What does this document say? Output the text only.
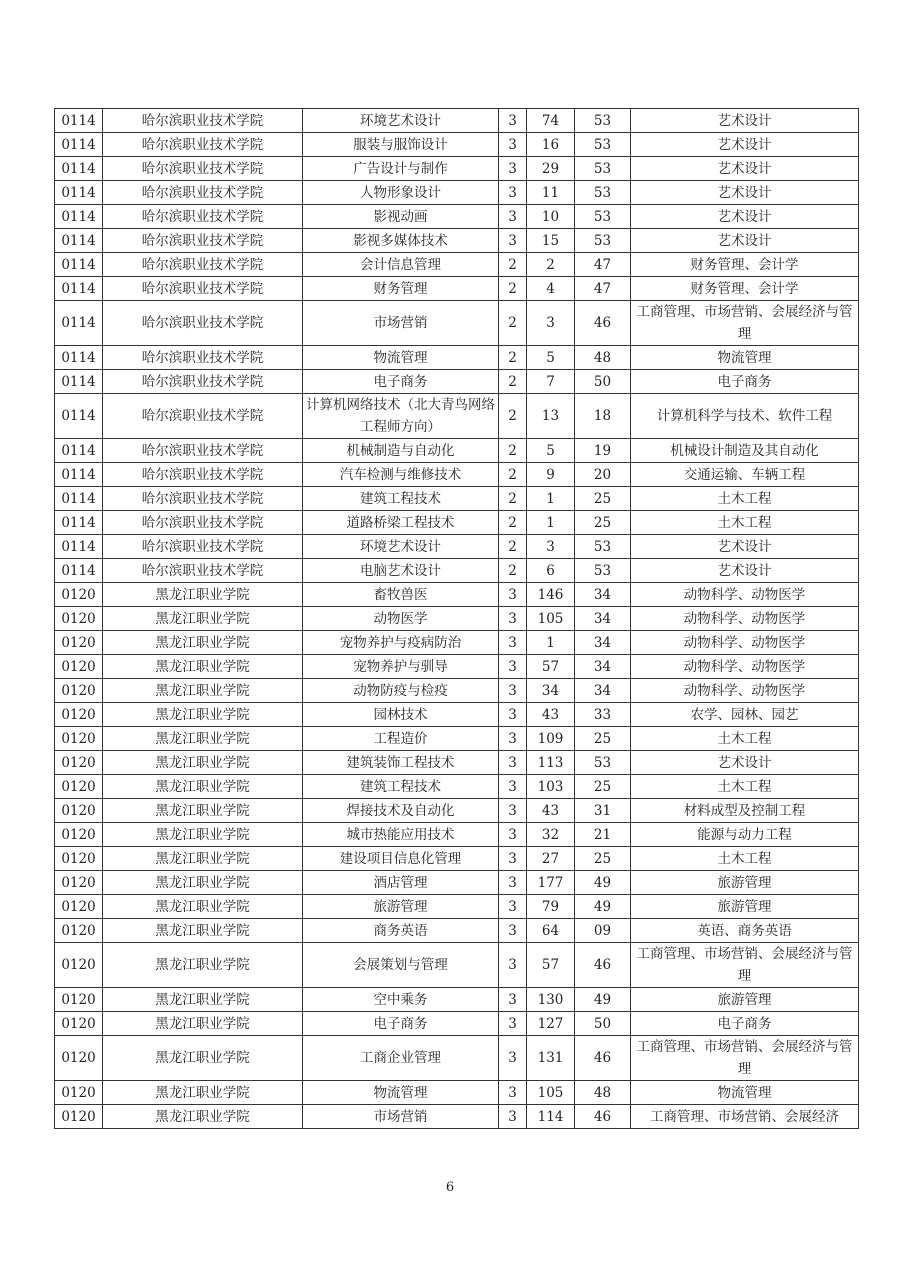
0114	哈尔滨职业技术学院	环境艺术设计	3	74	53	艺术设计
0114	哈尔滨职业技术学院	服装与服饰设计	3	16	53	艺术设计
0114	哈尔滨职业技术学院	广告设计与制作	3	29	53	艺术设计
0114	哈尔滨职业技术学院	人物形象设计	3	11	53	艺术设计
0114	哈尔滨职业技术学院	影视动画	3	10	53	艺术设计
0114	哈尔滨职业技术学院	影视多媒体技术	3	15	53	艺术设计
0114	哈尔滨职业技术学院	会计信息管理	2	2	47	财务管理、会计学
0114	哈尔滨职业技术学院	财务管理	2	4	47	财务管理、会计学
0114	哈尔滨职业技术学院	市场营销	2	3	46	工商管理、市场营销、会展经济与管理
0114	哈尔滨职业技术学院	物流管理	2	5	48	物流管理
0114	哈尔滨职业技术学院	电子商务	2	7	50	电子商务
0114	哈尔滨职业技术学院	计算机网络技术（北大青鸟网络工程师方向）	2	13	18	计算机科学与技术、软件工程
0114	哈尔滨职业技术学院	机械制造与自动化	2	5	19	机械设计制造及其自动化
0114	哈尔滨职业技术学院	汽车检测与维修技术	2	9	20	交通运输、车辆工程
0114	哈尔滨职业技术学院	建筑工程技术	2	1	25	土木工程
0114	哈尔滨职业技术学院	道路桥梁工程技术	2	1	25	土木工程
0114	哈尔滨职业技术学院	环境艺术设计	2	3	53	艺术设计
0114	哈尔滨职业技术学院	电脑艺术设计	2	6	53	艺术设计
0120	黑龙江职业学院	畜牧兽医	3	146	34	动物科学、动物医学
0120	黑龙江职业学院	动物医学	3	105	34	动物科学、动物医学
0120	黑龙江职业学院	宠物养护与疫病防治	3	1	34	动物科学、动物医学
0120	黑龙江职业学院	宠物养护与驯导	3	57	34	动物科学、动物医学
0120	黑龙江职业学院	动物防疫与检疫	3	34	34	动物科学、动物医学
0120	黑龙江职业学院	园林技术	3	43	33	农学、园林、园艺
0120	黑龙江职业学院	工程造价	3	109	25	土木工程
0120	黑龙江职业学院	建筑装饰工程技术	3	113	53	艺术设计
0120	黑龙江职业学院	建筑工程技术	3	103	25	土木工程
0120	黑龙江职业学院	焊接技术及自动化	3	43	31	材料成型及控制工程
0120	黑龙江职业学院	城市热能应用技术	3	32	21	能源与动力工程
0120	黑龙江职业学院	建设项目信息化管理	3	27	25	土木工程
0120	黑龙江职业学院	酒店管理	3	177	49	旅游管理
0120	黑龙江职业学院	旅游管理	3	79	49	旅游管理
0120	黑龙江职业学院	商务英语	3	64	09	英语、商务英语
0120	黑龙江职业学院	会展策划与管理	3	57	46	工商管理、市场营销、会展经济与管理
0120	黑龙江职业学院	空中乘务	3	130	49	旅游管理
0120	黑龙江职业学院	电子商务	3	127	50	电子商务
0120	黑龙江职业学院	工商企业管理	3	131	46	工商管理、市场营销、会展经济与管理
0120	黑龙江职业学院	物流管理	3	105	48	物流管理
0120	黑龙江职业学院	市场营销	3	114	46	工商管理、市场营销、会展经济
6
